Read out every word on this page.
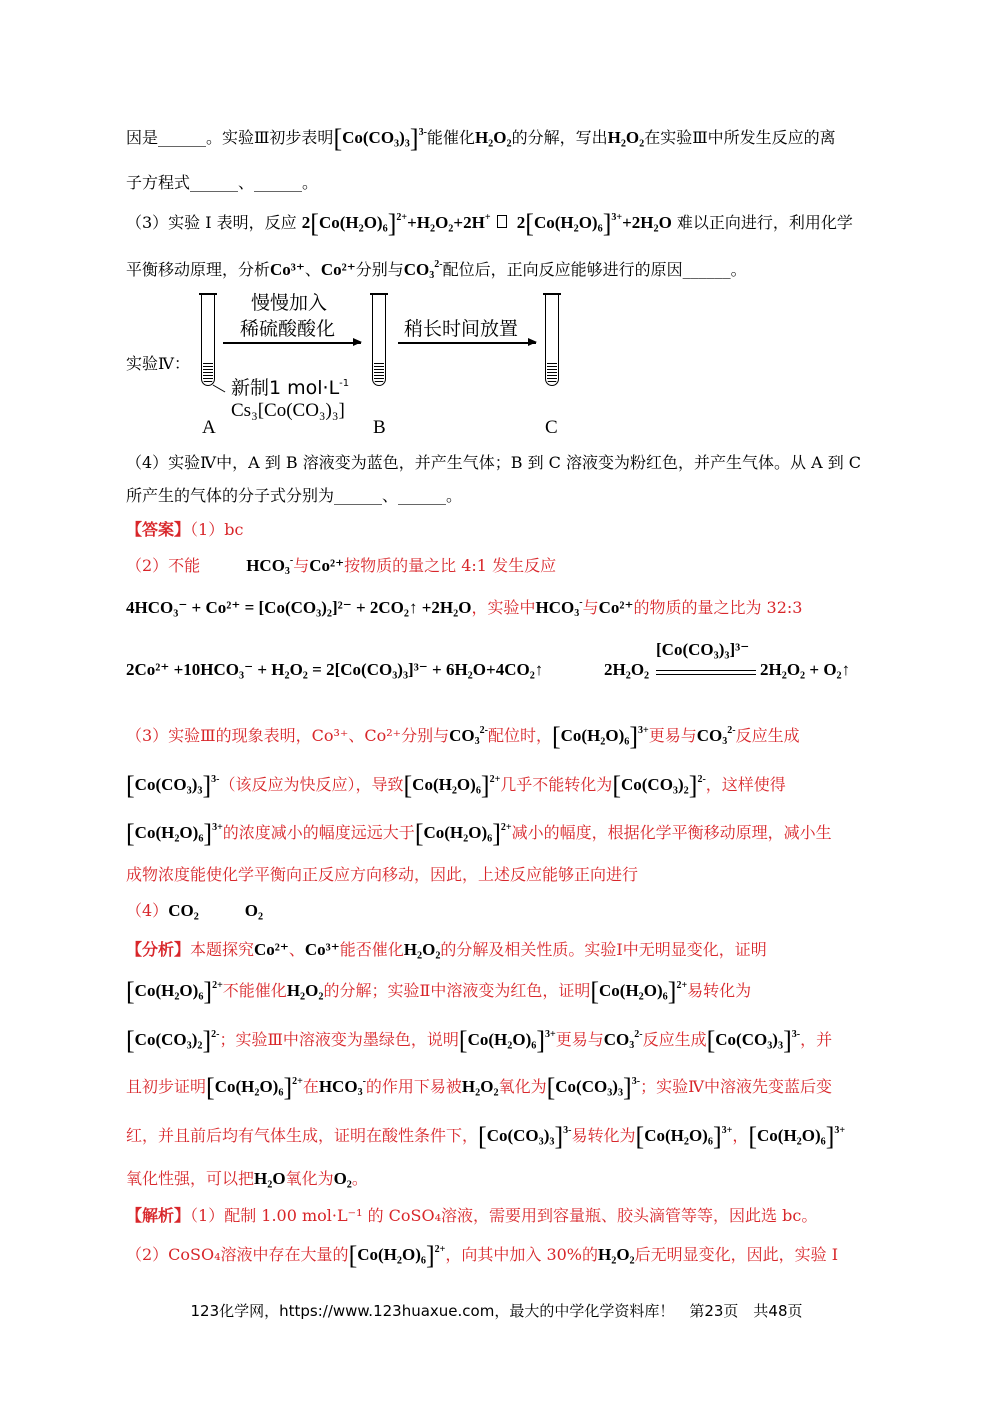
因是______。实验Ⅲ初步表明$[Co(CO_3)_3]^{3-}$能催化H₂O₂的分解，写出H₂O₂在实验Ⅲ中所发生反应的离
子方程式______、______。
（3）实验 I 表明，反应 $2[Co(H_2O)_6]^{2+}+H_2O_2+2H^+$ $2[Co(H_2O)_6]^{3+}+2H_2O$ 难以正向进行，利用化学
平衡移动原理，分析Co³⁺、Co²⁺分别与$CO_3^{2-}$配位后，正向反应能够进行的原因______。
实验Ⅳ：
慢慢加入
稀硫酸酸化	稍长时间放置
新制1 $mol\cdot L^{-1}$
Cs₃[Co(CO₃)₃]
A	B	C
（4）实验Ⅳ中，A 到 B 溶液变为蓝色，并产生气体；B 到 C 溶液变为粉红色，并产生气体。从 A 到 C
所产生的气体的分子式分别为______、______。
【答案】（1）bc
（2）不能	$HCO_3^-$与Co²⁺按物质的量之比 4:1 发生反应
4HCO₃⁻ + Co²⁺ = [Co(CO₃)₂]²⁻ + 2CO₂↑ +2H₂O，实验中$HCO_3^-$与Co²⁺的物质的量之比为 32:3
2Co²⁺ +10HCO₃⁻ + H₂O₂ = 2[Co(CO₃)₃]³⁻ + 6H₂O+4CO₂↑	2H₂O₂
[Co(CO₃)₃]³⁻
2H₂O₂ + O₂↑
（3）实验Ⅲ的现象表明，Co³⁺、Co²⁺分别与$CO_3^{2-}$配位时，$[Co(H_2O)_6]^{3+}$更易与$CO_3^{2-}$反应生成
$[Co(CO_3)_3]^{3-}$（该反应为快反应），导致$[Co(H_2O)_6]^{2+}$几乎不能转化为$[Co(CO_3)_2]^{2-}$，这样使得
$[Co(H_2O)_6]^{3+}$的浓度减小的幅度远远大于$[Co(H_2O)_6]^{2+}$减小的幅度，根据化学平衡移动原理，减小生
成物浓度能使化学平衡向正反应方向移动，因此，上述反应能够正向进行
（4）CO₂	O₂
【分析】本题探究Co²⁺、Co³⁺能否催化H₂O₂的分解及相关性质。实验Ⅰ中无明显变化，证明
$[Co(H_2O)_6]^{2+}$不能催化H₂O₂的分解；实验Ⅱ中溶液变为红色，证明$[Co(H_2O)_6]^{2+}$易转化为
$[Co(CO_3)_2]^{2-}$；实验Ⅲ中溶液变为墨绿色，说明$[Co(H_2O)_6]^{3+}$更易与$CO_3^{2-}$反应生成$[Co(CO_3)_3]^{3-}$，并
且初步证明$[Co(H_2O)_6]^{2+}$在$HCO_3^-$的作用下易被H₂O₂氧化为$[Co(CO_3)_3]^{3-}$；实验Ⅳ中溶液先变蓝后变
红，并且前后均有气体生成，证明在酸性条件下，$[Co(CO_3)_3]^{3-}$易转化为$[Co(H_2O)_6]^{3+}$，$[Co(H_2O)_6]^{3+}$
氧化性强，可以把H₂O氧化为O₂。
【解析】（1）配制 1.00 mol·L⁻¹ 的 CoSO₄溶液，需要用到容量瓶、胶头滴管等等，因此选 bc。
（2）CoSO₄溶液中存在大量的$[Co(H_2O)_6]^{2+}$，向其中加入 30%的H₂O₂后无明显变化，因此，实验 I
123化学网，https://www.123huaxue.com，最大的中学化学资料库！　第23页　共48页
